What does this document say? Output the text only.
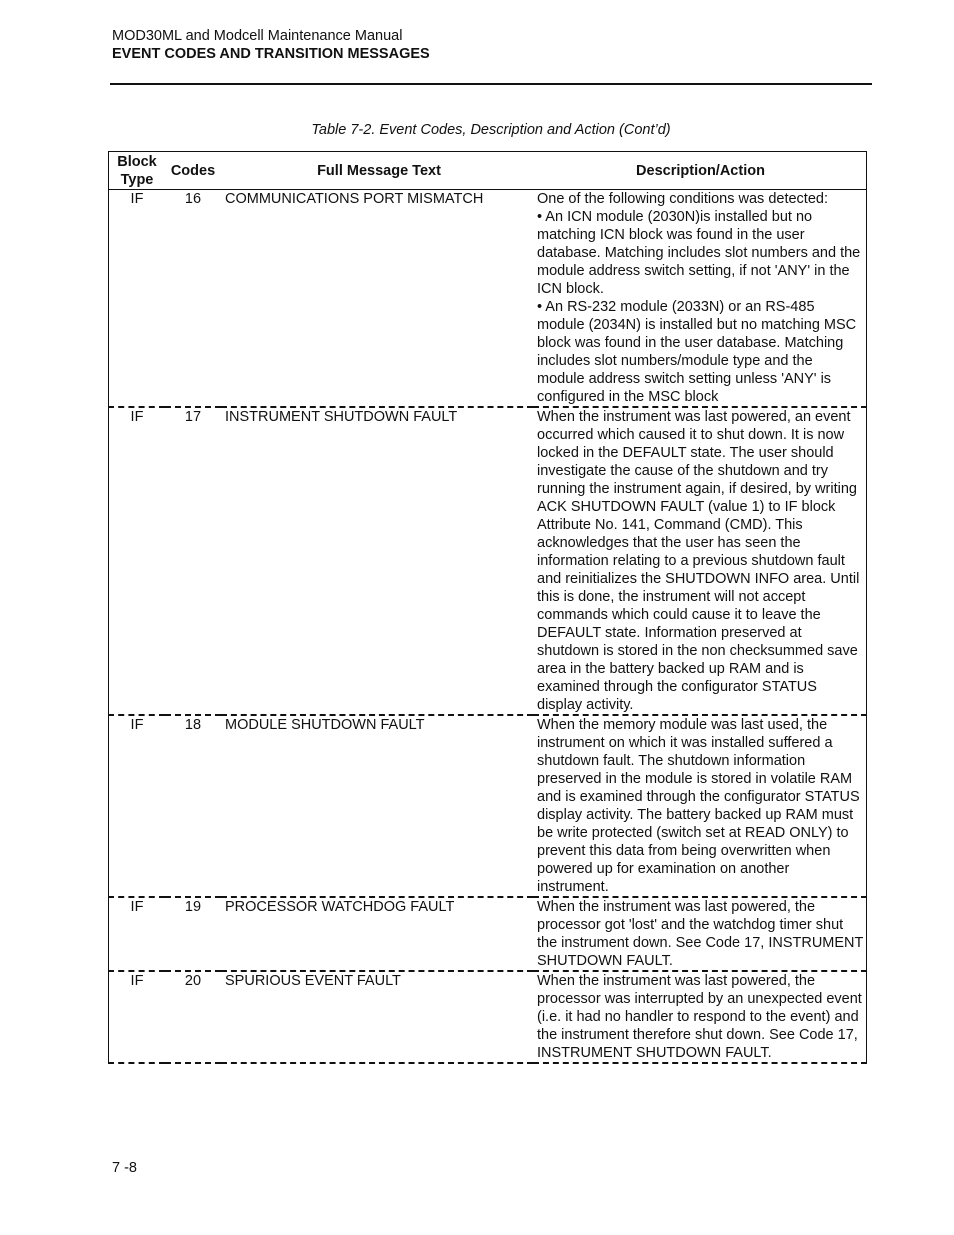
MOD30ML and Modcell Maintenance Manual
EVENT CODES AND TRANSITION MESSAGES
Table 7-2. Event Codes, Description and Action (Cont’d)
Block Type	Codes	Full Message Text	Description/Action
IF	16	COMMUNICATIONS PORT MISMATCH	One of the following conditions was detected:

• An ICN module (2030N)is installed but no matching ICN block was found in the user database. Matching includes slot numbers and the module address switch setting, if not 'ANY' in the ICN block.

• An RS-232 module (2033N) or an RS-485 module (2034N) is installed but no matching MSC block was found in the user database. Matching includes slot numbers/module type and the module address switch setting unless 'ANY' is configured in the MSC block

IF	17	INSTRUMENT SHUTDOWN FAULT	When the instrument was last powered, an event occurred which caused it to shut down. It is now locked in the DEFAULT state. The user should investigate the cause of the shutdown and try running the instrument again, if desired, by writing ACK SHUTDOWN FAULT (value 1) to IF block Attribute No. 141, Command (CMD). This acknowledges that the user has seen the information relating to a previous shutdown fault and reinitializes the SHUTDOWN INFO area. Until this is done, the instrument will not accept commands which could cause it to leave the DEFAULT state. Information preserved at shutdown is stored in the non checksummed save area in the battery backed up RAM and is examined through the configurator STATUS display activity.

IF	18	MODULE SHUTDOWN FAULT	When the memory module was last used, the instrument on which it was installed suffered a shutdown fault. The shutdown information preserved in the module is stored in volatile RAM and is examined through the configurator STATUS display activity. The battery backed up RAM must be write protected (switch set at READ ONLY) to prevent this data from being overwritten when powered up for examination on another instrument.

IF	19	PROCESSOR WATCHDOG FAULT	When the instrument was last powered, the processor got 'lost' and the watchdog timer shut the instrument down. See Code 17, INSTRUMENT SHUTDOWN FAULT.

IF	20	SPURIOUS EVENT FAULT	When the instrument was last powered, the processor was interrupted by an unexpected event (i.e. it had no handler to respond to the event) and the instrument therefore shut down. See Code 17, INSTRUMENT SHUTDOWN FAULT.

7 -8
